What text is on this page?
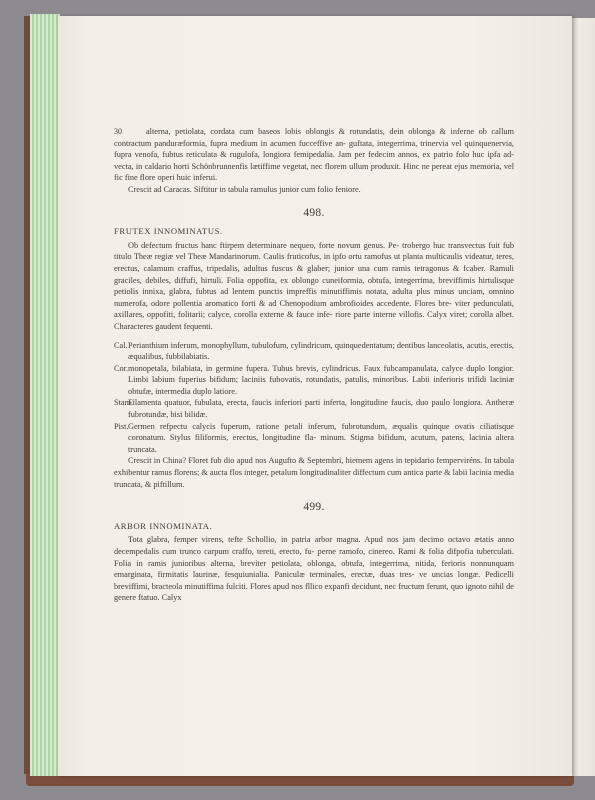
30	alterna, petiolata, cordata cum baseos lobis oblongis & rotundatis, dein oblonga & inferne ob callum contractum panduræformia, fupra medium in acumen fucceffive an- guftata, integerrima, trinervia vel quinquenervia, fupra venofa, fubtus reticulata & rugulofa, longiora femipedalia. Jam per fedecim annos, ex patrio folo huc ipfa ad- vecta, in caldario horti Schönbrunnenfis lætiffime vegetat, nec florem ullum produxit. Hinc ne pereat ejus memoria, vel fic fine flore operi huic inferui.

Crescit ad Caracas. Siftitur in tabula ramulus junior cum folio feniore.

498.
FRUTEX INNOMINATUS.

Ob defectum fructus hanc ftirpem determinare nequeo, forte novum genus. Pe- trobergo huc transvectus fuit fub titulo Theæ regiæ vel Theæ Mandarinorum. Caulis fruticofus, in ipfo ortu ramofus ut planta multicaulis videatur, teres, erectus, calamum craffus, tripedalis, adultus fuscus & glaber; junior una cum ramis tetragonus & fcaber. Ramuli graciles, debiles, diffufi, hirtuli. Folia oppofita, ex oblongo cuneiformia, obtufa, integerrima, breviffimis hirtulisque petiolis innixa, glabra, fubtus ad lentem punctis impreffis minutiffimis notata, adulta plus minus unciam, omnino numerofa, odore pollentia aromatico forti & ad Chenopodium ambrofioides accedente. Flores bre- viter pedunculati, axillares, oppofiti, folitarii; calyce, corolla externe & fauce infe- riore parte interne villofis. Calyx viret; corolla albet. Characteres gaudent fequenti.

Cal. Perianthium inferum, monophyllum, tubulofum, cylindricum, quinquedentatum; dentibus lanceolatis, acutis, erectis, æqualibus, fubbilabiatis.
Cor. monopetala, bilabiata, in germine fupera. Tubus brevis, cylindricus. Faux fubcampanulata, calyce duplo longior. Limbi labium fuperius bifidum; laciniis fubovatis, rotundatis, patulis, minoribus. Labii inferioris trifidi laciniæ obtufæ, intermedia duplo latiore.
Stam.
Filamenta quatuor, fubulata, erecta, faucis inferiori parti inferta, longitudine faucis, duo paulo longiora. Antheræ fubrotundæ, bisi bilidæ.
Pist. Germen refpectu calycis fuperum, ratione petali inferum, fubrotundum, æqualis quinque ovatis ciliatisque coronatum. Stylus filiformis, erectus, longitudine fla- minum. Stigma bifidum, acutum, patens, lacinia altera truncata.

Crescit in China? Floret fub dio apud nos Augufto & Septembri, hiemem agens in tepidario femperviréns. In tabula exhibentur ramus florens; & aucta flos integer, petalum longitudinaliter diffectum cum antica parte & labii lacinia media truncata, & piftillum.

499.
ARBOR INNOMINATA.

Tota glabra, femper virens, tefte Schollio, in patria arbor magna. Apud nos jam decimo octavo ætatis anno decempedalis cum trunco carpum craffo, tereti, erecto, fu- perne ramofo, cinereo. Rami & folia difpofia tuberculati. Folia in ramis junioribus alterna, breviter petiolata, oblonga, obtufa, integerrima, nitida, ferioris nonnunquam emarginata, firmitatis laurinæ, fesquiunialia. Paniculæ terminales, erectæ, duas tres- ve uncias longæ. Pedicelli breviffimi, bracteola minutiffima fulciti. Flores apud nos fllico expanfi decidunt, nec fructum ferunt, quo ignoto nihil de genere ftatuo. Calyx
